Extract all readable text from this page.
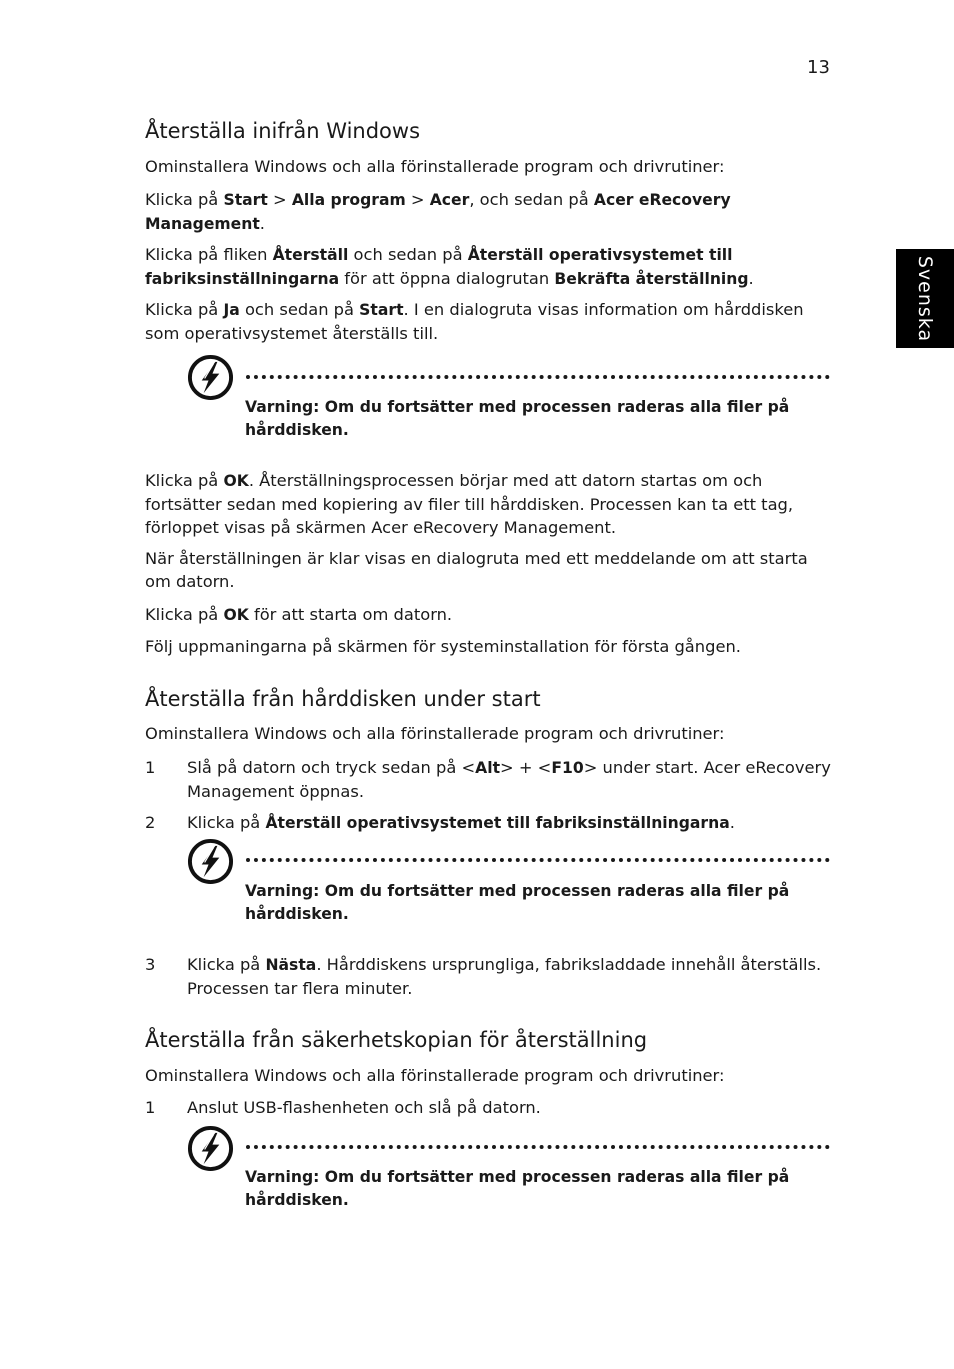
13
Svenska
Återställa inifrån Windows

Ominstallera Windows och alla förinstallerade program och drivrutiner:

Klicka på Start > Alla program > Acer, och sedan på Acer eRecovery Management.

Klicka på fliken Återställ och sedan på Återställ operativsystemet till fabriksinställningarna för att öppna dialogrutan Bekräfta återställning.

Klicka på Ja och sedan på Start. I en dialogruta visas information om hårddisken som operativsystemet återställs till.

Varning: Om du fortsätter med processen raderas alla filer på hårddisken.

Klicka på OK. Återställningsprocessen börjar med att datorn startas om och fortsätter sedan med kopiering av filer till hårddisken. Processen kan ta ett tag, förloppet visas på skärmen Acer eRecovery Management.

När återställningen är klar visas en dialogruta med ett meddelande om att starta om datorn.

Klicka på OK för att starta om datorn.

Följ uppmaningarna på skärmen för systeminstallation för första gången.

Återställa från hårddisken under start

Ominstallera Windows och alla förinstallerade program och drivrutiner:

1 Slå på datorn och tryck sedan på <Alt> + <F10> under start. Acer eRecovery Management öppnas.
2 Klicka på Återställ operativsystemet till fabriksinställningarna.
Varning: Om du fortsätter med processen raderas alla filer på hårddisken.
3 Klicka på Nästa. Hårddiskens ursprungliga, fabriksladdade innehåll återställs. Processen tar flera minuter.
Återställa från säkerhetskopian för återställning

Ominstallera Windows och alla förinstallerade program och drivrutiner:

1 Anslut USB-flashenheten och slå på datorn.
Varning: Om du fortsätter med processen raderas alla filer på hårddisken.
